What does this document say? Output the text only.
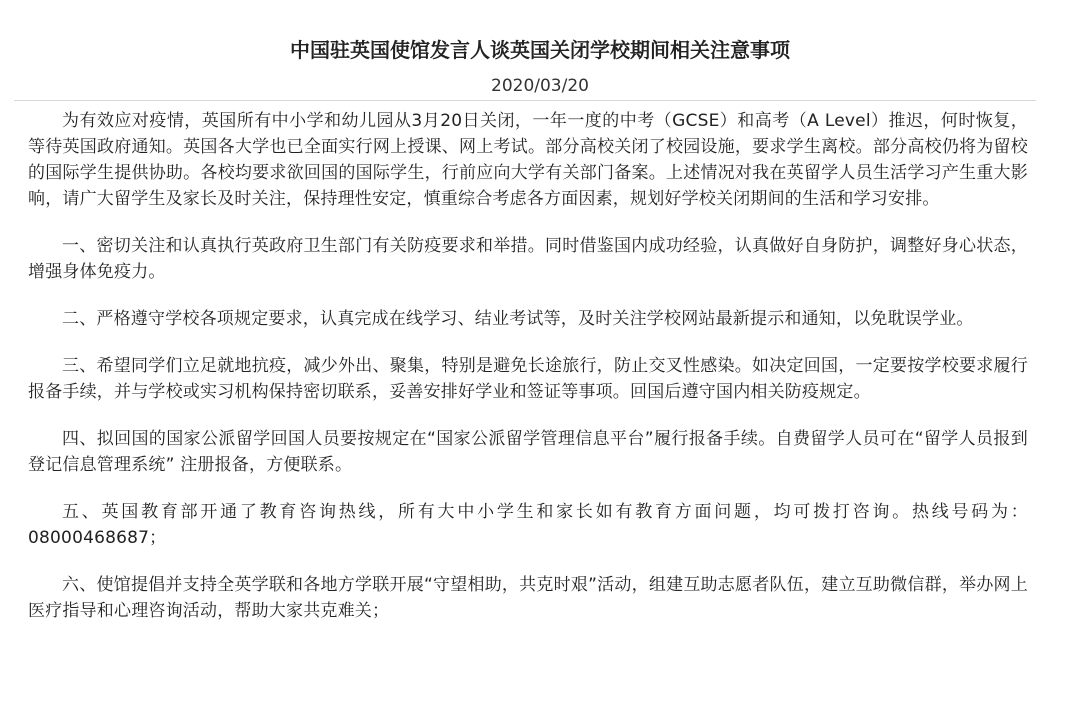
中国驻英国使馆发言人谈英国关闭学校期间相关注意事项
2020/03/20

为有效应对疫情，英国所有中小学和幼儿园从3月20日关闭，一年一度的中考（GCSE）和高考（A Level）推迟，何时恢复，等待英国政府通知。英国各大学也已全面实行网上授课、网上考试。部分高校关闭了校园设施，要求学生离校。部分高校仍将为留校的国际学生提供协助。各校均要求欲回国的国际学生，行前应向大学有关部门备案。上述情况对我在英留学人员生活学习产生重大影响，请广大留学生及家长及时关注，保持理性安定，慎重综合考虑各方面因素，规划好学校关闭期间的生活和学习安排。

一、密切关注和认真执行英政府卫生部门有关防疫要求和举措。同时借鉴国内成功经验，认真做好自身防护，调整好身心状态，增强身体免疫力。

二、严格遵守学校各项规定要求，认真完成在线学习、结业考试等，及时关注学校网站最新提示和通知，以免耽误学业。

三、希望同学们立足就地抗疫，减少外出、聚集，特别是避免长途旅行，防止交叉性感染。如决定回国，一定要按学校要求履行报备手续，并与学校或实习机构保持密切联系，妥善安排好学业和签证等事项。回国后遵守国内相关防疫规定。

四、拟回国的国家公派留学回国人员要按规定在“国家公派留学管理信息平台”履行报备手续。自费留学人员可在“留学人员报到登记信息管理系统” 注册报备，方便联系。

五、英国教育部开通了教育咨询热线，所有大中小学生和家长如有教育方面问题，均可拨打咨询。热线号码为：08000468687；

六、使馆提倡并支持全英学联和各地方学联开展“守望相助，共克时艰”活动，组建互助志愿者队伍，建立互助微信群，举办网上医疗指导和心理咨询活动，帮助大家共克难关；
